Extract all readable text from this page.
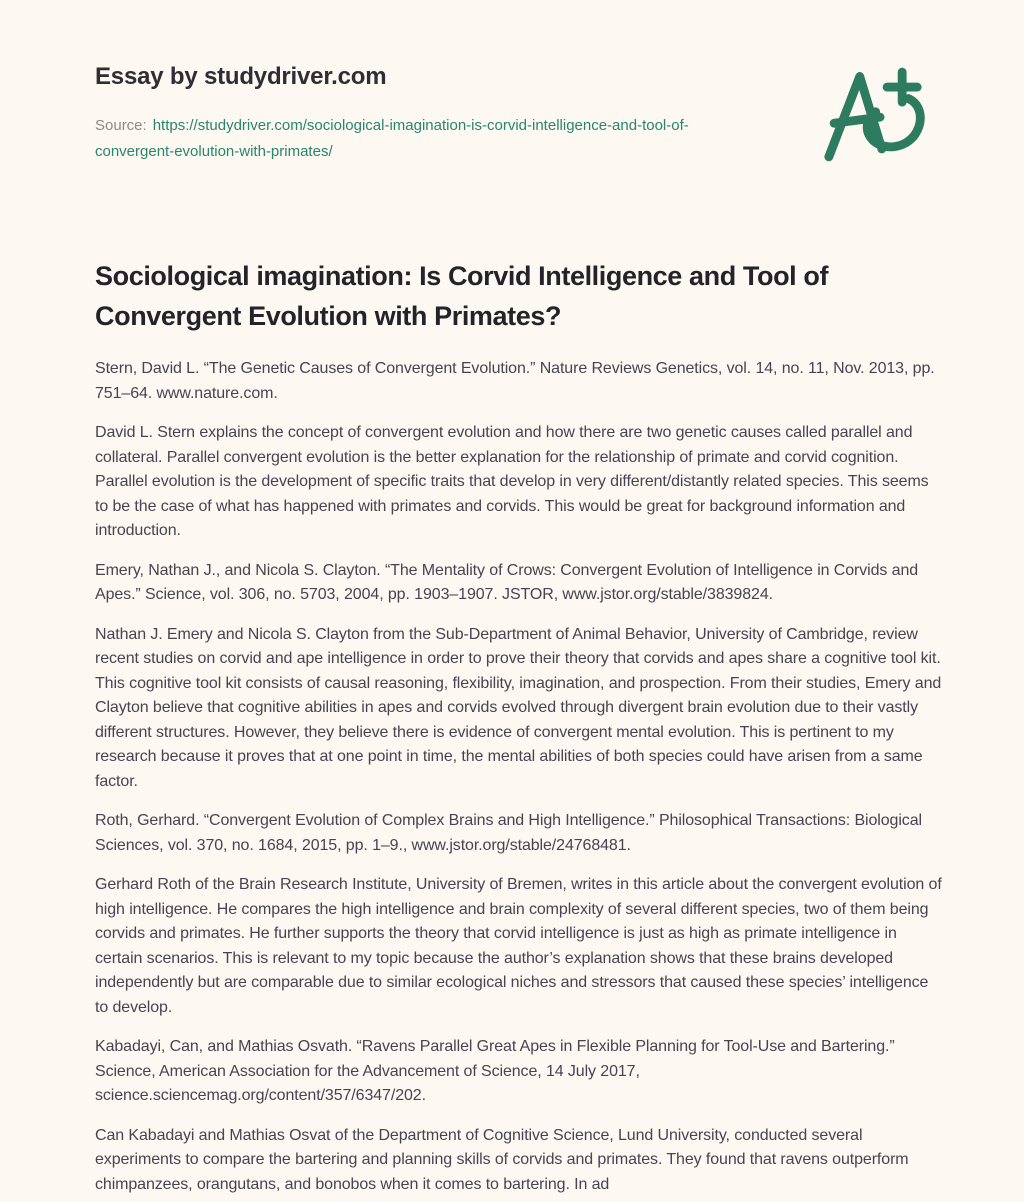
Essay by studydriver.com

Source: https://studydriver.com/sociological-imagination-is-corvid-intelligence-and-tool-of-convergent-evolution-with-primates/

Sociological imagination: Is Corvid Intelligence and Tool of Convergent Evolution with Primates?

Stern, David L. “The Genetic Causes of Convergent Evolution.” Nature Reviews Genetics, vol. 14, no. 11, Nov. 2013, pp. 751–64. www.nature.com.

David L. Stern explains the concept of convergent evolution and how there are two genetic causes called parallel and collateral. Parallel convergent evolution is the better explanation for the relationship of primate and corvid cognition. Parallel evolution is the development of specific traits that develop in very different/distantly related species. This seems to be the case of what has happened with primates and corvids. This would be great for background information and introduction.

Emery, Nathan J., and Nicola S. Clayton. “The Mentality of Crows: Convergent Evolution of Intelligence in Corvids and Apes.” Science, vol. 306, no. 5703, 2004, pp. 1903–1907. JSTOR, www.jstor.org/stable/3839824.

Nathan J. Emery and Nicola S. Clayton from the Sub-Department of Animal Behavior, University of Cambridge, review recent studies on corvid and ape intelligence in order to prove their theory that corvids and apes share a cognitive tool kit. This cognitive tool kit consists of causal reasoning, flexibility, imagination, and prospection. From their studies, Emery and Clayton believe that cognitive abilities in apes and corvids evolved through divergent brain evolution due to their vastly different structures. However, they believe there is evidence of convergent mental evolution. This is pertinent to my research because it proves that at one point in time, the mental abilities of both species could have arisen from a same factor.

Roth, Gerhard. “Convergent Evolution of Complex Brains and High Intelligence.” Philosophical Transactions: Biological Sciences, vol. 370, no. 1684, 2015, pp. 1–9., www.jstor.org/stable/24768481.

Gerhard Roth of the Brain Research Institute, University of Bremen, writes in this article about the convergent evolution of high intelligence. He compares the high intelligence and brain complexity of several different species, two of them being corvids and primates. He further supports the theory that corvid intelligence is just as high as primate intelligence in certain scenarios. This is relevant to my topic because the author’s explanation shows that these brains developed independently but are comparable due to similar ecological niches and stressors that caused these species’ intelligence to develop.

Kabadayi, Can, and Mathias Osvath. “Ravens Parallel Great Apes in Flexible Planning for Tool-Use and Bartering.” Science, American Association for the Advancement of Science, 14 July 2017, science.sciencemag.org/content/357/6347/202.

Can Kabadayi and Mathias Osvat of the Department of Cognitive Science, Lund University, conducted several experiments to compare the bartering and planning skills of corvids and primates. They found that ravens outperform chimpanzees, orangutans, and bonobos when it comes to bartering. In ad
